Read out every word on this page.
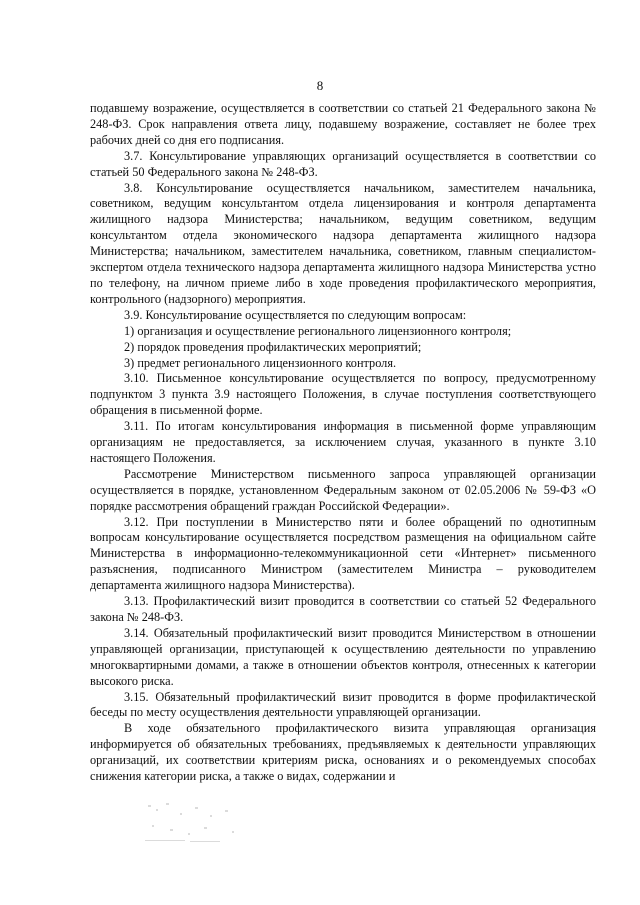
8

подавшему возражение, осуществляется в соответствии со статьей 21 Федерального закона № 248-ФЗ. Срок направления ответа лицу, подавшему возражение, составляет не более трех рабочих дней со дня его подписания.

3.7. Консультирование управляющих организаций осуществляется в соответствии со статьей 50 Федерального закона № 248-ФЗ.

3.8. Консультирование осуществляется начальником, заместителем начальника, советником, ведущим консультантом отдела лицензирования и контроля департамента жилищного надзора Министерства; начальником, ведущим советником, ведущим консультантом отдела экономического надзора департамента жилищного надзора Министерства; начальником, заместителем начальника, советником, главным специалистом-экспертом отдела технического надзора департамента жилищного надзора Министерства устно по телефону, на личном приеме либо в ходе проведения профилактического мероприятия, контрольного (надзорного) мероприятия.

3.9. Консультирование осуществляется по следующим вопросам:

1) организация и осуществление регионального лицензионного контроля;

2) порядок проведения профилактических мероприятий;

3) предмет регионального лицензионного контроля.

3.10. Письменное консультирование осуществляется по вопросу, предусмотренному подпунктом 3 пункта 3.9 настоящего Положения, в случае поступления соответствующего обращения в письменной форме.

3.11. По итогам консультирования информация в письменной форме управляющим организациям не предоставляется, за исключением случая, указанного в пункте 3.10 настоящего Положения.

Рассмотрение Министерством письменного запроса управляющей организации осуществляется в порядке, установленном Федеральным законом от 02.05.2006 № 59-ФЗ «О порядке рассмотрения обращений граждан Российской Федерации».

3.12. При поступлении в Министерство пяти и более обращений по однотипным вопросам консультирование осуществляется посредством размещения на официальном сайте Министерства в информационно-телекоммуникационной сети «Интернет» письменного разъяснения, подписанного Министром (заместителем Министра – руководителем департамента жилищного надзора Министерства).

3.13. Профилактический визит проводится в соответствии со статьей 52 Федерального закона № 248-ФЗ.

3.14. Обязательный профилактический визит проводится Министерством в отношении управляющей организации, приступающей к осуществлению деятельности по управлению многоквартирными домами, а также в отношении объектов контроля, отнесенных к категории высокого риска.

3.15. Обязательный профилактический визит проводится в форме профилактической беседы по месту осуществления деятельности управляющей организации.

В ходе обязательного профилактического визита управляющая организация информируется об обязательных требованиях, предъявляемых к деятельности управляющих организаций, их соответствии критериям риска, основаниях и о рекомендуемых способах снижения категории риска, а также о видах, содержании и
